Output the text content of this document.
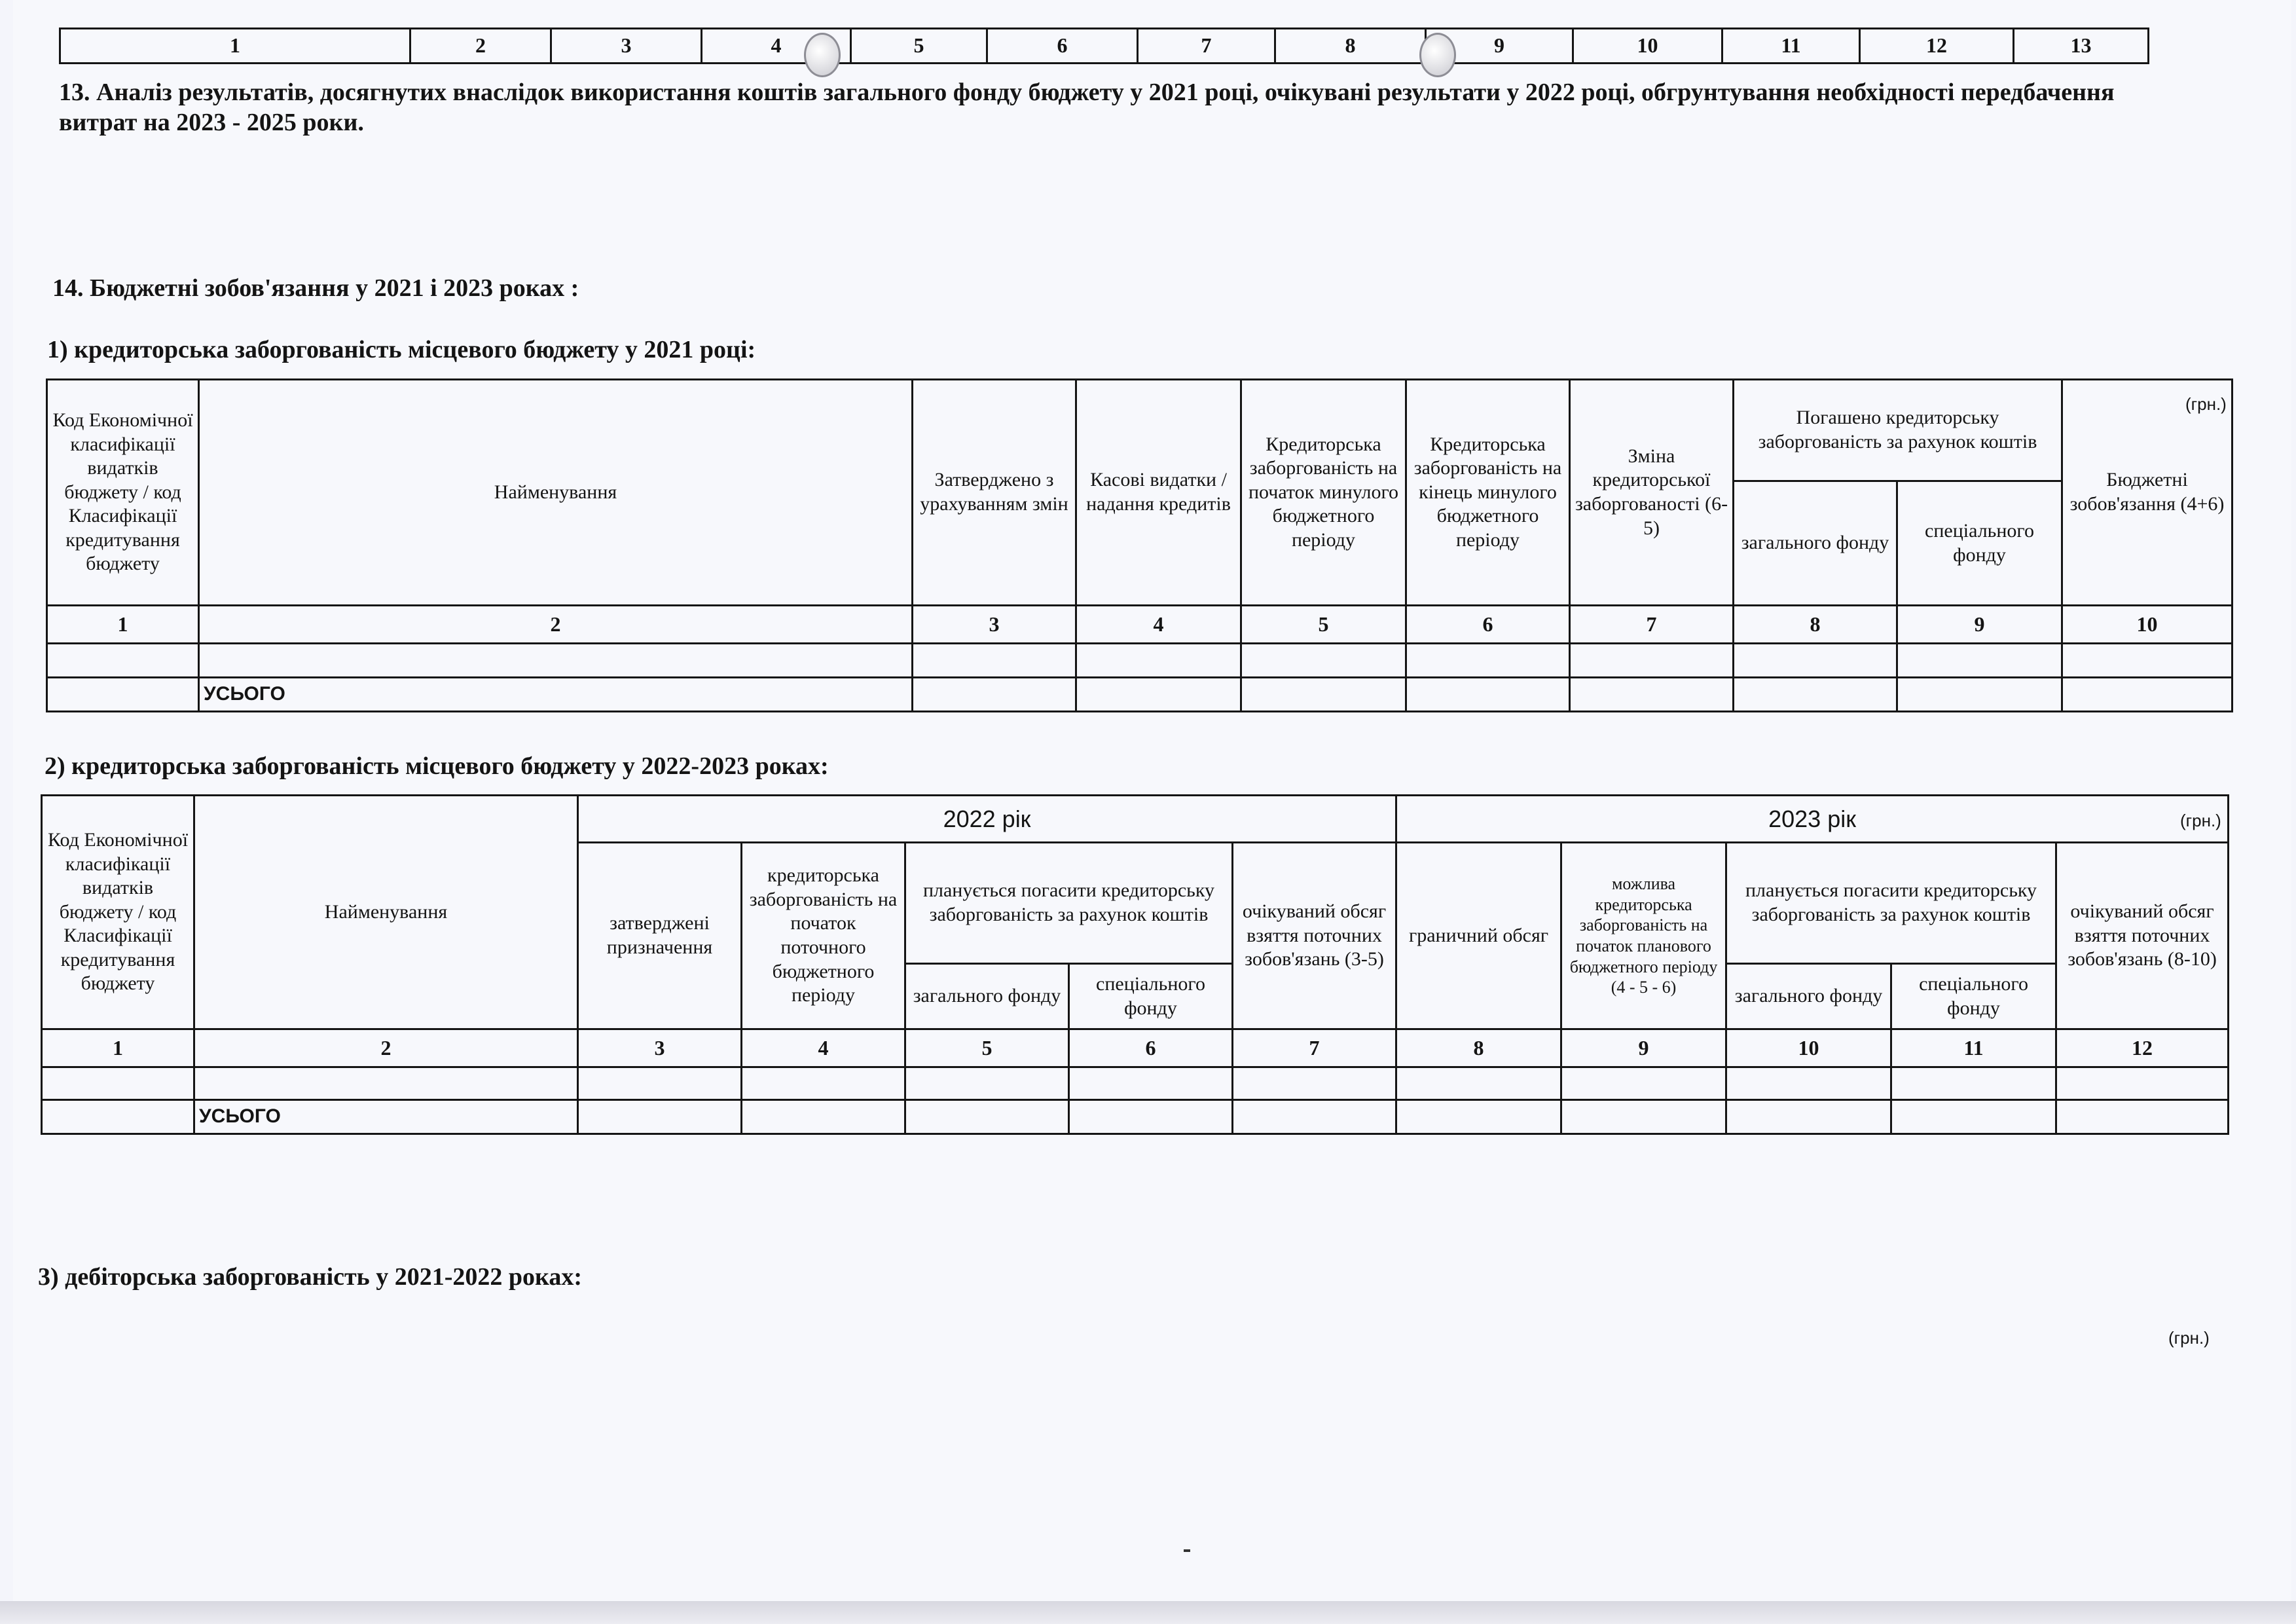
1	2	3	4	5	6	7	8	9	10	11	12	13
13. Аналіз результатів, досягнутих внаслідок використання коштів загального фонду бюджету у 2021 році, очікувані результати у 2022 році, обгрунтування необхідності передбачення витрат на 2023 - 2025 роки.
14. Бюджетні зобов'язання у 2021 і 2023 роках :
1) кредиторська заборгованість місцевого бюджету у 2021 році:
(грн.)
Код Економічної класифікації видатків бюджету / код Класифікації кредитування бюджету	Найменування	Затверджено з урахуванням змін	Касові видатки / надання кредитів	Кредиторська заборгованість на початок минулого бюджетного періоду	Кредиторська заборгованість на кінець минулого бюджетного періоду	Зміна кредиторської заборгованості (6-5)	Погашено кредиторську заборгованість за рахунок коштів		Бюджетні зобов'язання (4+6)
							загального фонду	спеціального фонду	
1	2	3	4	5	6	7	8	9	10

	УСЬОГО								
2) кредиторська заборгованість місцевого бюджету у 2022-2023 роках:
(грн.)
Код Економічної класифікації видатків бюджету / код Класифікації кредитування бюджету	Найменування	2022 рік					2023 рік				
		затверджені призначення	кредиторська заборгованість на початок поточного бюджетного періоду	планується погасити кредиторську заборгованість за рахунок коштів		очікуваний обсяг взяття поточних зобов'язань (3-5)	граничний обсяг	можлива кредиторська заборгованість на початок планового бюджетного періоду (4 - 5 - 6)	планується погасити кредиторську заборгованість за рахунок коштів		очікуваний обсяг взяття поточних зобов'язань (8-10)
				загального фонду	спеціального фонду				загального фонду	спеціального фонду	
1	2	3	4	5	6	7	8	9	10	11	12

	УСЬОГО										
3) дебіторська заборгованість у 2021-2022 роках:
(грн.)
